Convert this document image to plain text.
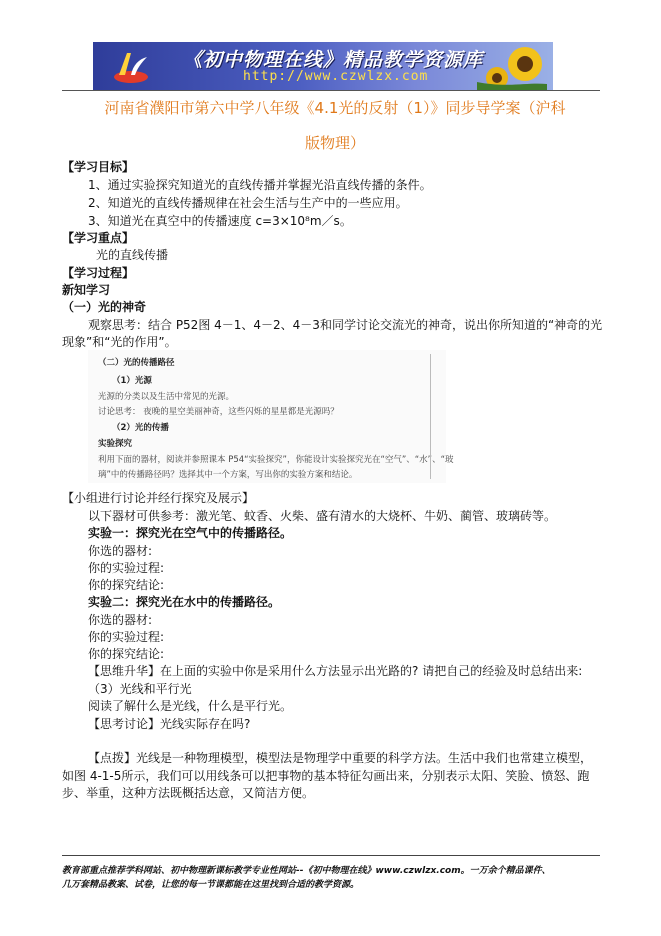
《初中物理在线》精品教学资源库
http://www.czwlzx.com
河南省濮阳市第六中学八年级《4.1光的反射（1）》同步导学案（沪科
版物理）
【学习目标】
1、通过实验探究知道光的直线传播并掌握光沿直线传播的条件。
2、知道光的直线传播规律在社会生活与生产中的一些应用。
3、知道光在真空中的传播速度 c=3×10⁸m／s。
【学习重点】
光的直线传播
【学习过程】
新知学习
（一）光的神奇
观察思考：结合 P52图 4－1、4－2、4－3和同学讨论交流光的神奇，说出你所知道的“神奇的光
现象”和“光的作用”。
（二）光的传播路径
（1）光源
光源的分类以及生活中常见的光源。
讨论思考： 夜晚的星空美丽神奇，这些闪烁的星星都是光源吗？
（2）光的传播
实验探究
利用下面的器材，阅读并参照课本 P54“实验探究”，你能设计实验探究光在“空气”、“水”、“玻
璃”中的传播路径吗？选择其中一个方案，写出你的实验方案和结论。
【小组进行讨论并经行探究及展示】
以下器材可供参考：激光笔、蚊香、火柴、盛有清水的大烧杯、牛奶、蔺管、玻璃砖等。
实验一：探究光在空气中的传播路径。
你选的器材:
你的实验过程:
你的探究结论:
实验二：探究光在水中的传播路径。
你选的器材:
你的实验过程:
你的探究结论:
【思维升华】在上面的实验中你是采用什么方法显示出光路的? 请把自己的经验及时总结出来:
（3）光线和平行光
阅读了解什么是光线，什么是平行光。
【思考讨论】光线实际存在吗?
【点拨】光线是一种物理模型，模型法是物理学中重要的科学方法。生活中我们也常建立模型，
如图 4-1-5所示，我们可以用线条可以把事物的基本特征勾画出来，分别表示太阳、笑脸、愤怒、跑
步、举重，这种方法既概括达意，又简洁方便。
教育部重点推荐学科网站、初中物理新课标教学专业性网站--《初中物理在线》www.czwlzx.com。一万余个精品课件、
几万套精品教案、试卷，让您的每一节课都能在这里找到合适的教学资源。
